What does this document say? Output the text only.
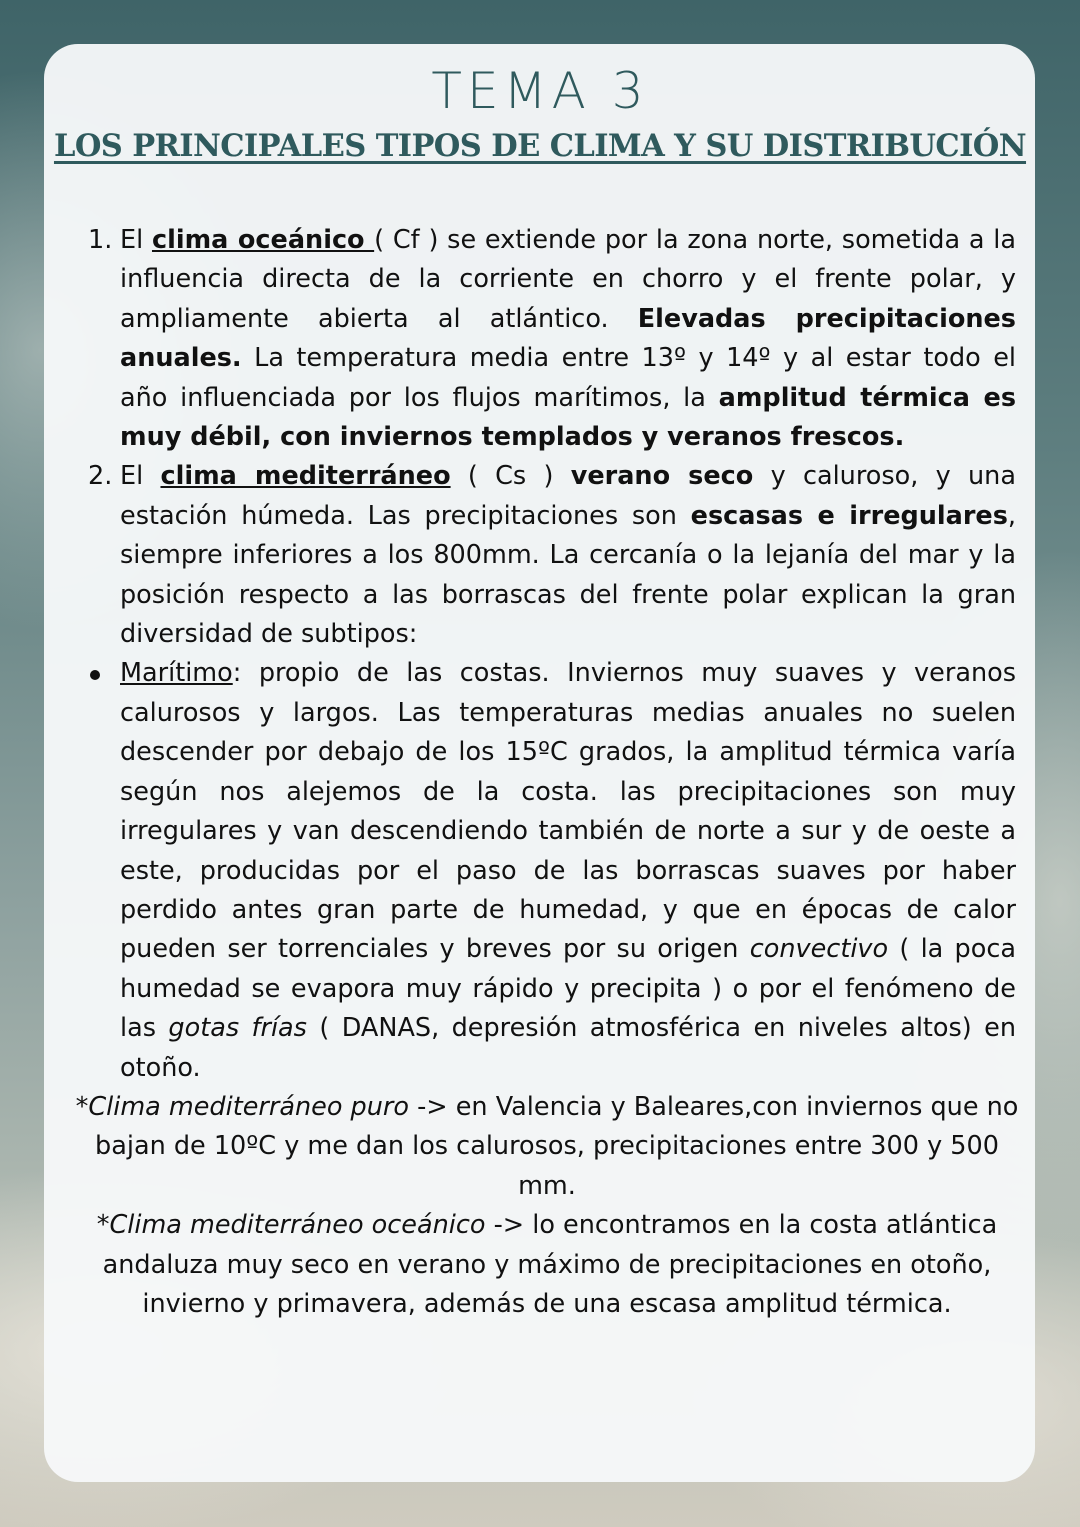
TEMA 3
LOS PRINCIPALES TIPOS DE CLIMA Y SU DISTRIBUCIÓN
1. El clima oceánico ( Cf ) se extiende por la zona norte, sometida a la influencia directa de la corriente en chorro y el frente polar, y ampliamente abierta al atlántico. Elevadas precipitaciones anuales. La temperatura media entre 13º y 14º y al estar todo el año influenciada por los flujos marítimos, la amplitud térmica es muy débil, con inviernos templados y veranos frescos.
2. El clima mediterráneo ( Cs ) verano seco y caluroso, y una estación húmeda. Las precipitaciones son escasas e irregulares, siempre inferiores a los 800mm. La cercanía o la lejanía del mar y la posición respecto a las borrascas del frente polar explican la gran diversidad de subtipos:
Marítimo: propio de las costas. Inviernos muy suaves y veranos calurosos y largos. Las temperaturas medias anuales no suelen descender por debajo de los 15ºC grados, la amplitud térmica varía según nos alejemos de la costa. las precipitaciones son muy irregulares y van descendiendo también de norte a sur y de oeste a este, producidas por el paso de las borrascas suaves por haber perdido antes gran parte de humedad, y que en épocas de calor pueden ser torrenciales y breves por su origen convectivo ( la poca humedad se evapora muy rápido y precipita ) o por el fenómeno de las gotas frías ( DANAS, depresión atmosférica en niveles altos) en otoño.
*Clima mediterráneo puro -> en Valencia y Baleares,con inviernos que no bajan de 10ºC y me dan los calurosos, precipitaciones entre 300 y 500 mm.
*Clima mediterráneo oceánico -> lo encontramos en la costa atlántica andaluza muy seco en verano y máximo de precipitaciones en otoño, invierno y primavera, además de una escasa amplitud térmica.
